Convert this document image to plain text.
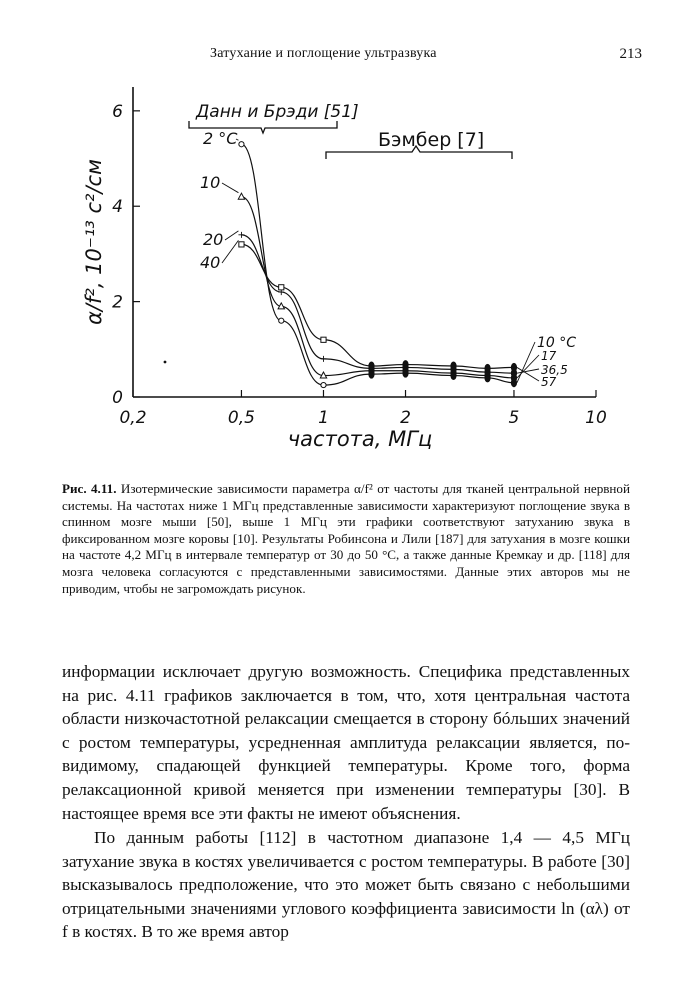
Затухание и поглощение ультразвука	213
0,2	0,5	1	2	5	10
0
2
4
6
α/f², 10⁻¹³ с²/см
частота, МГц
Данн и Брэди [51]
Бэмбер [7]
2 °C
10
20
40
10 °C
17
36,5
57
Рис. 4.11. Изотермические зависимости параметра α/f² от частоты для тканей центральной нервной системы. На частотах ниже 1 МГц представленные зависимости характеризуют поглощение звука в спинном мозге мыши [50], выше 1 МГц эти графики соответствуют затуханию звука в фиксированном мозге коровы [10]. Результаты Робинсона и Лили [187] для затухания в мозге кошки на частоте 4,2 МГц в интервале температур от 30 до 50 °С, а также данные Кремкау и др. [118] для мозга человека согласуются с представленными зависимостями. Данные этих авторов мы не приводим, чтобы не загромождать рисунок.
информации исключает другую возможность. Специфика представленных на рис. 4.11 графиков заключается в том, что, хотя центральная частота области низкочастотной релаксации смещается в сторону бóльших значений с ростом температуры, усредненная амплитуда релаксации является, по-видимому, спадающей функцией температуры. Кроме того, форма релаксационной кривой меняется при изменении температуры [30]. В настоящее время все эти факты не имеют объяснения.
По данным работы [112] в частотном диапазоне 1,4 — 4,5 МГц затухание звука в костях увеличивается с ростом температуры. В работе [30] высказывалось предположение, что это может быть связано с небольшими отрицательными значениями углового коэффициента зависимости ln (αλ) от f в костях. В то же время автор
